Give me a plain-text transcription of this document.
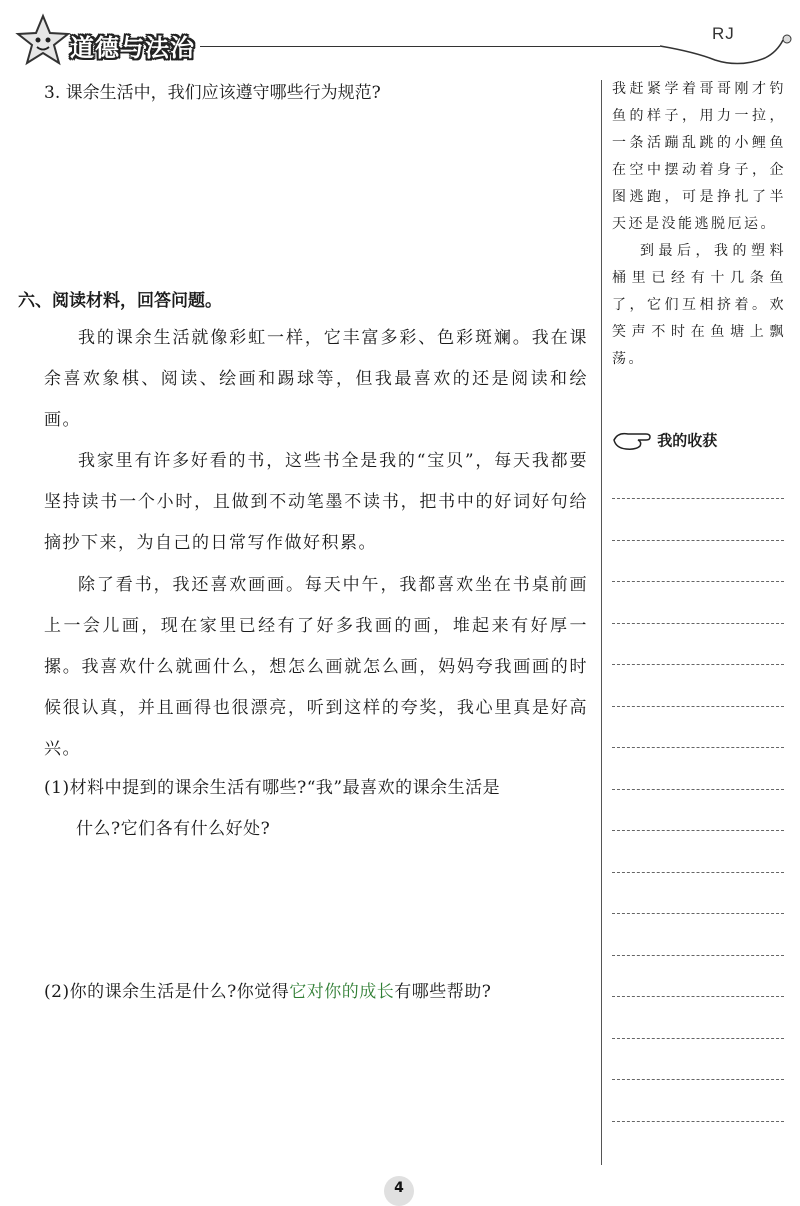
道德与法治
RJ
3. 课余生活中，我们应该遵守哪些行为规范?
六、阅读材料，回答问题。

我的课余生活就像彩虹一样，它丰富多彩、色彩斑斓。我在课余喜欢象棋、阅读、绘画和踢球等，但我最喜欢的还是阅读和绘画。

我家里有许多好看的书，这些书全是我的“宝贝”，每天我都要坚持读书一个小时，且做到不动笔墨不读书，把书中的好词好句给摘抄下来，为自己的日常写作做好积累。

除了看书，我还喜欢画画。每天中午，我都喜欢坐在书桌前画上一会儿画，现在家里已经有了好多我画的画，堆起来有好厚一摞。我喜欢什么就画什么，想怎么画就怎么画，妈妈夸我画画的时候很认真，并且画得也很漂亮，听到这样的夸奖，我心里真是好高兴。

(1)材料中提到的课余生活有哪些?“我”最喜欢的课余生活是
什么?它们各有什么好处?
(2)你的课余生活是什么?你觉得它对你的成长有哪些帮助?

我赶紧学着哥哥刚才钓鱼的样子，用力一拉，一条活蹦乱跳的小鲤鱼在空中摆动着身子，企图逃跑，可是挣扎了半天还是没能逃脱厄运。

到最后，我的塑料桶里已经有十几条鱼了，它们互相挤着。欢笑声不时在鱼塘上飘荡。

我的收获
4
